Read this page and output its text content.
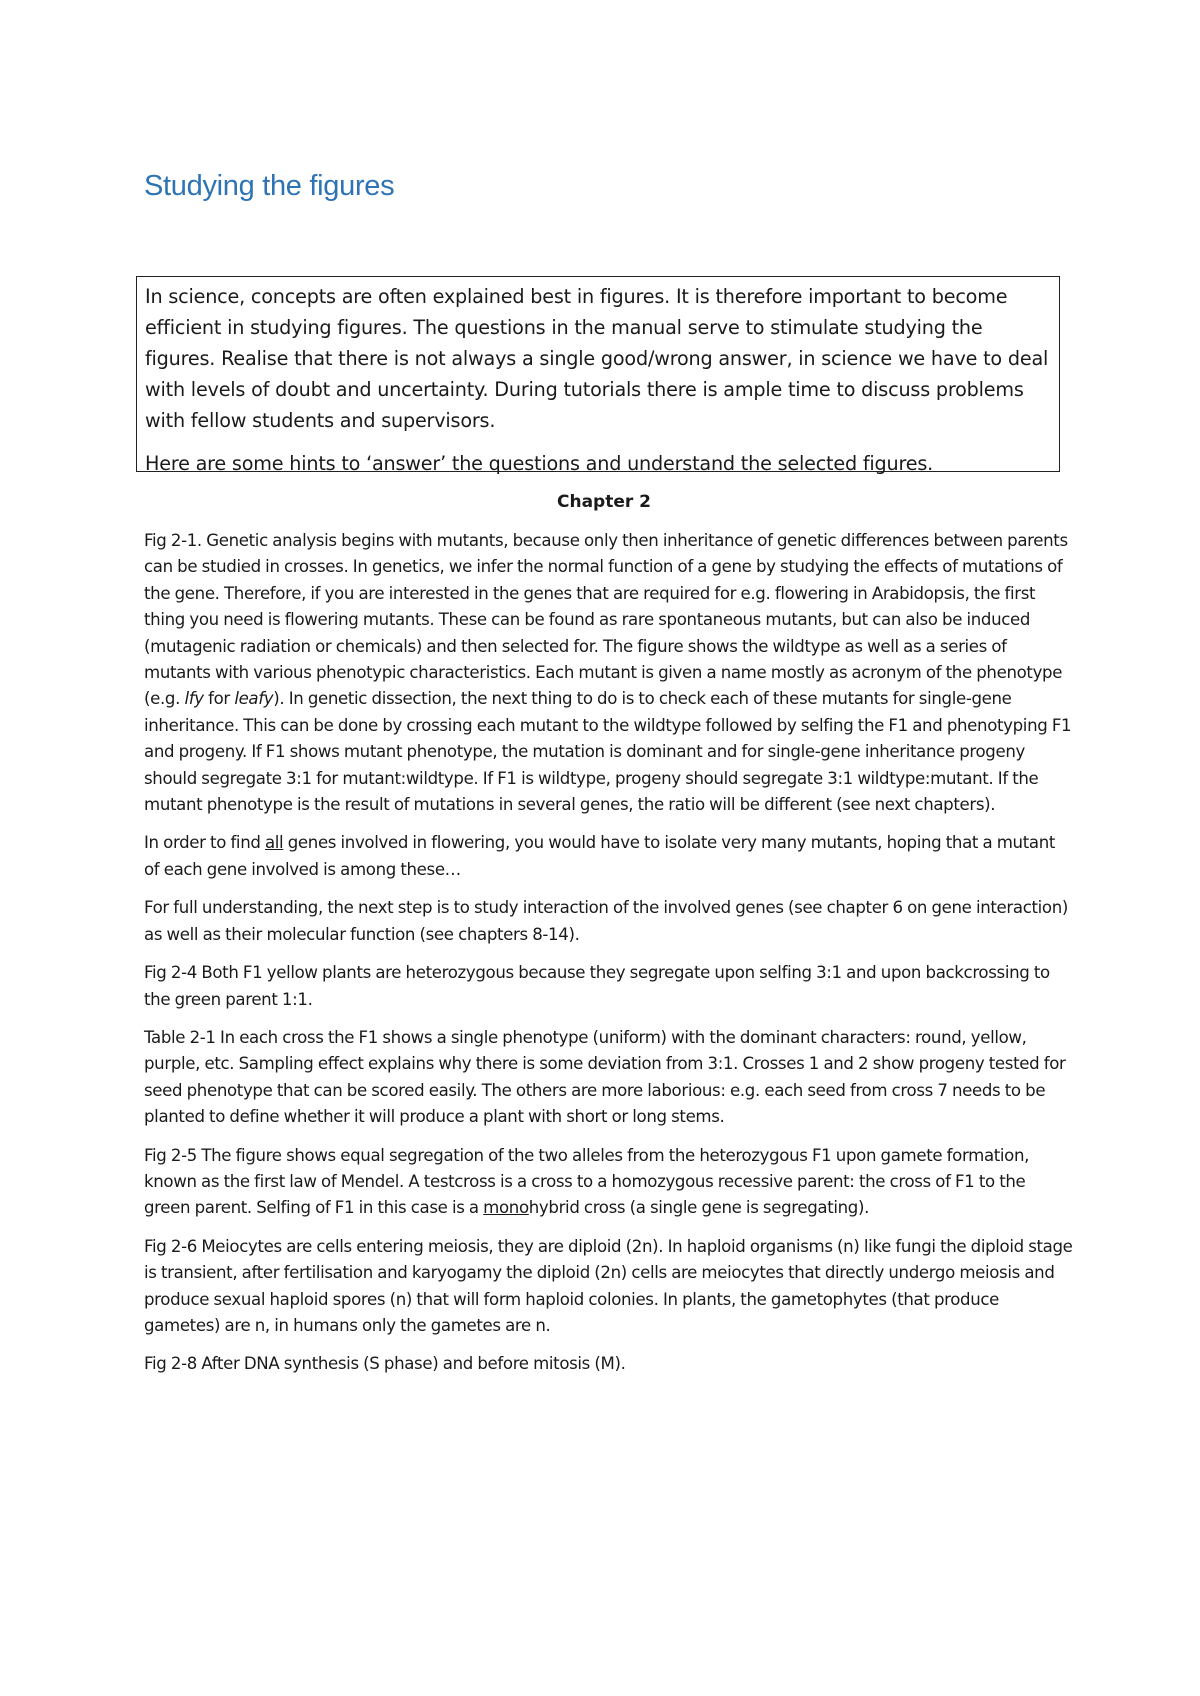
Studying the figures

In science, concepts are often explained best in figures. It is therefore important to become efficient in studying figures. The questions in the manual serve to stimulate studying the figures. Realise that there is not always a single good/wrong answer, in science we have to deal with levels of doubt and uncertainty. During tutorials there is ample time to discuss problems with fellow students and supervisors.

Here are some hints to ‘answer’ the questions and understand the selected figures.

Chapter 2

Fig 2-1. Genetic analysis begins with mutants, because only then inheritance of genetic differences between parents can be studied in crosses. In genetics, we infer the normal function of a gene by studying the effects of mutations of the gene. Therefore, if you are interested in the genes that are required for e.g. flowering in Arabidopsis, the first thing you need is flowering mutants. These can be found as rare spontaneous mutants, but can also be induced (mutagenic radiation or chemicals) and then selected for. The figure shows the wildtype as well as a series of mutants with various phenotypic characteristics. Each mutant is given a name mostly as acronym of the phenotype (e.g. lfy for leafy). In genetic dissection, the next thing to do is to check each of these mutants for single-gene inheritance. This can be done by crossing each mutant to the wildtype followed by selfing the F1 and phenotyping F1 and progeny. If F1 shows mutant phenotype, the mutation is dominant and for single-gene inheritance progeny should segregate 3:1 for mutant:wildtype. If F1 is wildtype, progeny should segregate 3:1 wildtype:mutant. If the mutant phenotype is the result of mutations in several genes, the ratio will be different (see next chapters).

In order to find all genes involved in flowering, you would have to isolate very many mutants, hoping that a mutant of each gene involved is among these…

For full understanding, the next step is to study interaction of the involved genes (see chapter 6 on gene interaction) as well as their molecular function (see chapters 8-14).

Fig 2-4 Both F1 yellow plants are heterozygous because they segregate upon selfing 3:1 and upon backcrossing to the green parent 1:1.

Table 2-1 In each cross the F1 shows a single phenotype (uniform) with the dominant characters: round, yellow, purple, etc. Sampling effect explains why there is some deviation from 3:1. Crosses 1 and 2 show progeny tested for seed phenotype that can be scored easily. The others are more laborious: e.g. each seed from cross 7 needs to be planted to define whether it will produce a plant with short or long stems.

Fig 2-5 The figure shows equal segregation of the two alleles from the heterozygous F1 upon gamete formation, known as the first law of Mendel. A testcross is a cross to a homozygous recessive parent: the cross of F1 to the green parent. Selfing of F1 in this case is a monohybrid cross (a single gene is segregating).

Fig 2-6 Meiocytes are cells entering meiosis, they are diploid (2n). In haploid organisms (n) like fungi the diploid stage is transient, after fertilisation and karyogamy the diploid (2n) cells are meiocytes that directly undergo meiosis and produce sexual haploid spores (n) that will form haploid colonies. In plants, the gametophytes (that produce gametes) are n, in humans only the gametes are n.

Fig 2-8 After DNA synthesis (S phase) and before mitosis (M).
